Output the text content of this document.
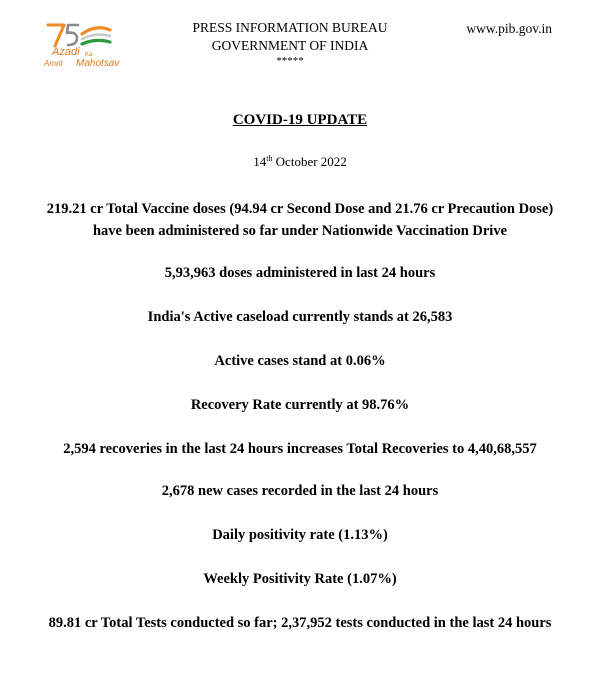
Azadi Ka
Amrit Mahotsav
PRESS INFORMATION BUREAU
GOVERNMENT OF INDIA
*****
www.pib.gov.in
COVID-19 UPDATE
14th October 2022
219.21 cr Total Vaccine doses (94.94 cr Second Dose and 21.76 cr Precaution Dose) have been administered so far under Nationwide Vaccination Drive
5,93,963 doses administered in last 24 hours
India's Active caseload currently stands at 26,583
Active cases stand at 0.06%
Recovery Rate currently at 98.76%
2,594 recoveries in the last 24 hours increases Total Recoveries to 4,40,68,557
2,678 new cases recorded in the last 24 hours
Daily positivity rate (1.13%)
Weekly Positivity Rate (1.07%)
89.81 cr Total Tests conducted so far; 2,37,952 tests conducted in the last 24 hours
